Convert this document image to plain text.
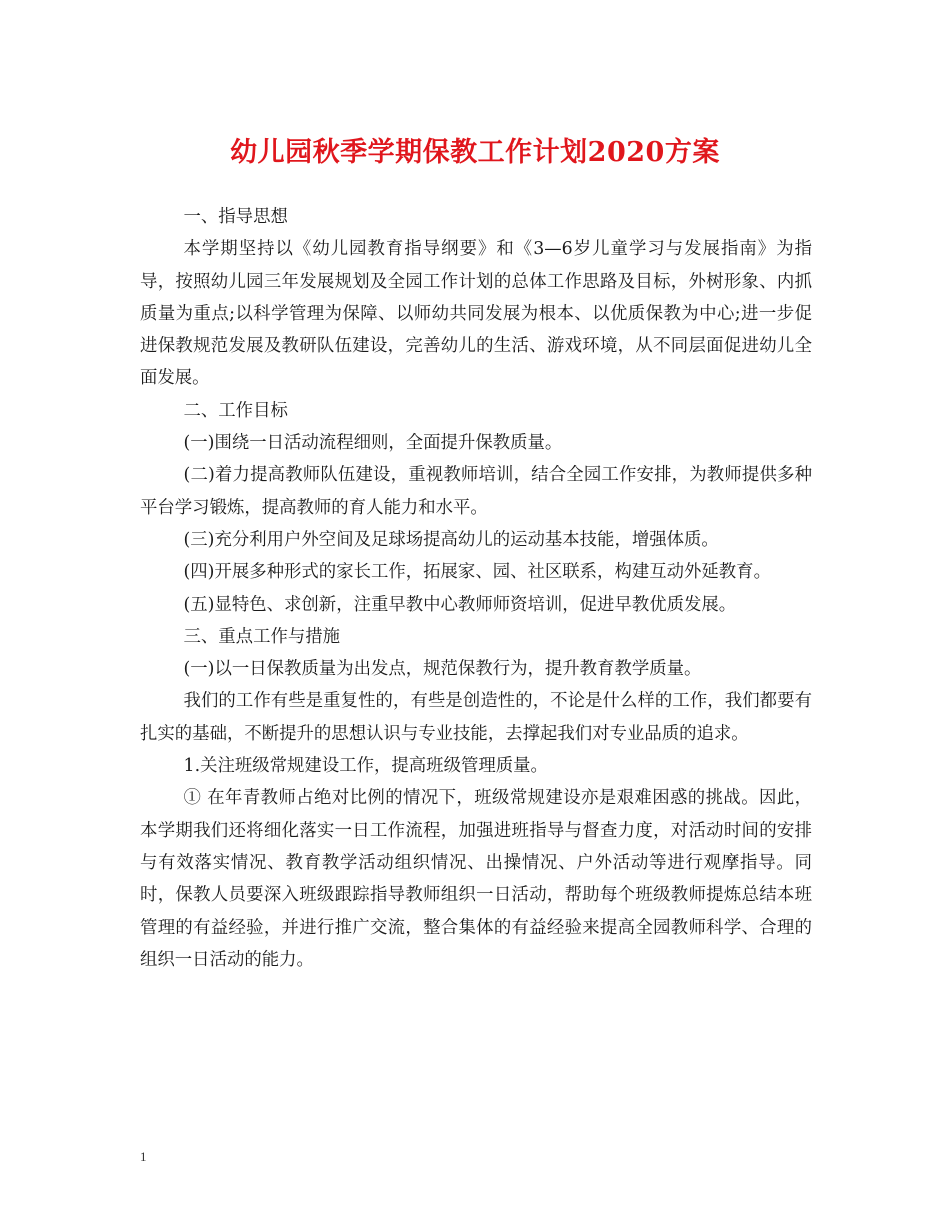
幼儿园秋季学期保教工作计划2020方案

一、指导思想

本学期坚持以《幼儿园教育指导纲要》和《3—6岁儿童学习与发展指南》为指导，按照幼儿园三年发展规划及全园工作计划的总体工作思路及目标，外树形象、内抓质量为重点;以科学管理为保障、以师幼共同发展为根本、以优质保教为中心;进一步促进保教规范发展及教研队伍建设，完善幼儿的生活、游戏环境，从不同层面促进幼儿全面发展。

二、工作目标

(一)围绕一日活动流程细则，全面提升保教质量。

(二)着力提高教师队伍建设，重视教师培训，结合全园工作安排，为教师提供多种平台学习锻炼，提高教师的育人能力和水平。

(三)充分利用户外空间及足球场提高幼儿的运动基本技能，增强体质。

(四)开展多种形式的家长工作，拓展家、园、社区联系，构建互动外延教育。

(五)显特色、求创新，注重早教中心教师师资培训，促进早教优质发展。

三、重点工作与措施

(一)以一日保教质量为出发点，规范保教行为，提升教育教学质量。

我们的工作有些是重复性的，有些是创造性的，不论是什么样的工作，我们都要有扎实的基础，不断提升的思想认识与专业技能，去撑起我们对专业品质的追求。

1.关注班级常规建设工作，提高班级管理质量。

① 在年青教师占绝对比例的情况下，班级常规建设亦是艰难困惑的挑战。因此，本学期我们还将细化落实一日工作流程，加强进班指导与督查力度，对活动时间的安排与有效落实情况、教育教学活动组织情况、出操情况、户外活动等进行观摩指导。同时，保教人员要深入班级跟踪指导教师组织一日活动，帮助每个班级教师提炼总结本班管理的有益经验，并进行推广交流，整合集体的有益经验来提高全园教师科学、合理的组织一日活动的能力。

1
